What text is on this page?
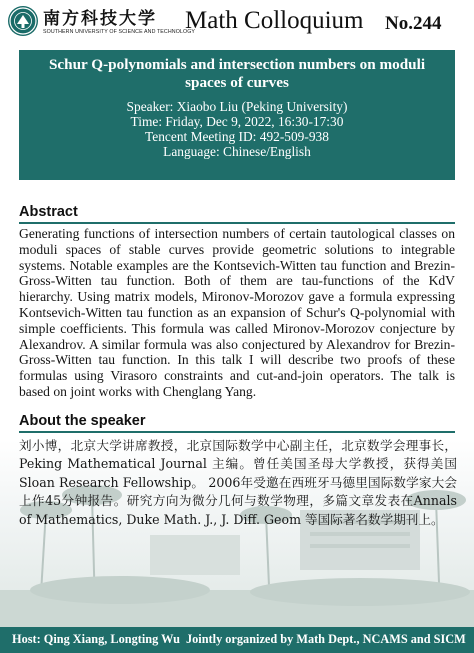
南方科技大学
SOUTHERN UNIVERSITY OF SCIENCE AND TECHNOLOGY
Math Colloquium No.244
Schur Q-polynomials and intersection numbers on moduli spaces of curves
Speaker: Xiaobo Liu (Peking University)
Time: Friday, Dec 9, 2022, 16:30-17:30
Tencent Meeting ID: 492-509-938
Language: Chinese/English
Abstract
Generating functions of intersection numbers of certain tautological classes on moduli spaces of stable curves provide geometric solutions to integrable systems. Notable examples are the Kontsevich-Witten tau function and Brezin-Gross-Witten tau function. Both of them are tau-functions of the KdV hierarchy. Using matrix models, Mironov-Morozov gave a formula expressing Kontsevich-Witten tau function as an expansion of Schur's Q-polynomial with simple coefficients. This formula was called Mironov-Morozov conjecture by Alexandrov. A similar formula was also conjectured by Alexandrov for Brezin-Gross-Witten tau function. In this talk I will describe two proofs of these formulas using Virasoro constraints and cut-and-join operators. The talk is based on joint works with Chenglang Yang.
About the speaker
刘小博，北京大学讲席教授，北京国际数学中心副主任，北京数学会理事长，Peking Mathematical Journal 主编。曾任美国圣母大学教授，获得美国Sloan Research Fellowship。 2006年受邀在西班牙马德里国际数学家大会上作45分钟报告。研究方向为微分几何与数学物理，多篇文章发表在Annals of Mathematics, Duke Math. J., J. Diff. Geom 等国际著名数学期刊上。
Host: Qing Xiang, Longting Wu Jointly organized by Math Dept., NCAMS and SICM
